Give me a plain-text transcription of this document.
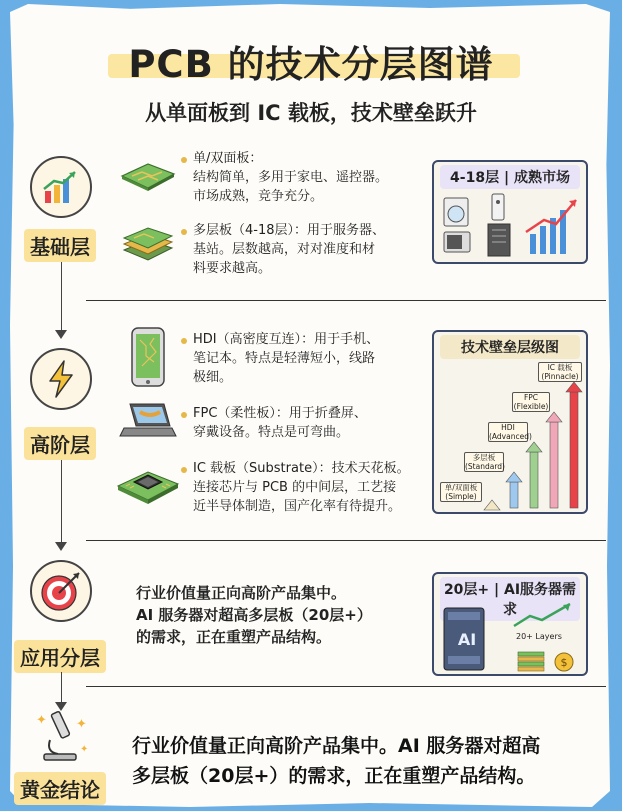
PCB 的技术分层图谱
从单面板到 IC 载板，技术壁垒跃升
基础层
单/双面板：
结构简单，多用于家电、遥控器。
市场成熟，竞争充分。
多层板（4-18层）：用于服务器、
基站。层数越高，对对准度和材
料要求越高。
4-18层 | 成熟市场
高阶层
HDI（高密度互连）：用于手机、
笔记本。特点是轻薄短小，线路
极细。
FPC（柔性板）：用于折叠屏、
穿戴设备。特点是可弯曲。
IC 载板（Substrate）：技术天花板。
连接芯片与 PCB 的中间层，工艺接
近半导体制造，国产化率有待提升。
技术壁垒层级图
单/双面板
(Simple)
多层板
(Standard)
HDI
(Advanced)
FPC
(Flexible)
IC 载板
(Pinnacle)
应用分层
行业价值量正向高阶产品集中。
AI 服务器对超高多层板（20层+）
的需求，正在重塑产品结构。
20层+ | AI服务器需求
$
AI	20+ Layers
✦ ✦
✦
黄金结论
行业价值量正向高阶产品集中。AI 服务器对超高
多层板（20层+）的需求，正在重塑产品结构。
